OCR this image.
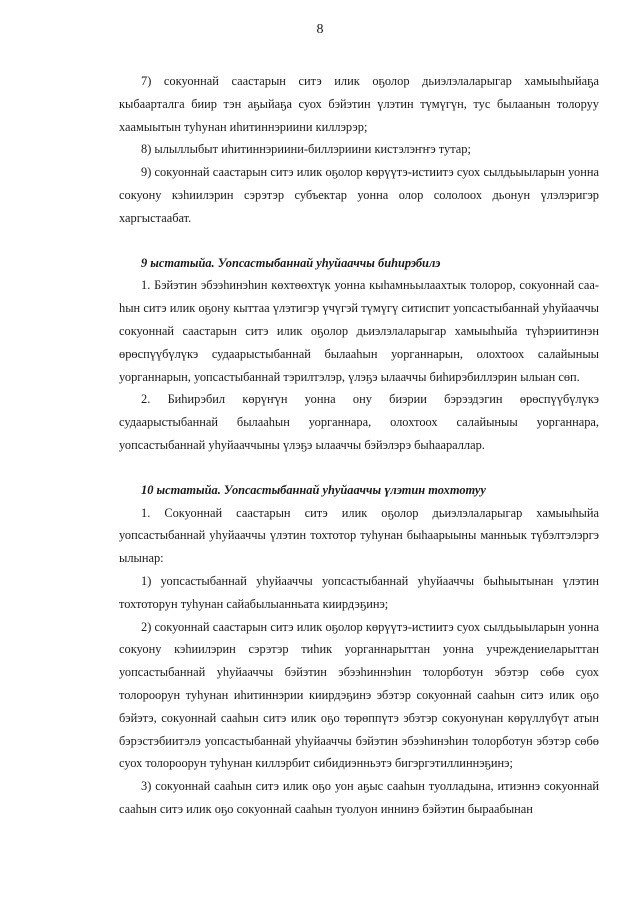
8

7) сокуоннай саастарын ситэ илик оҕолор дьиэлэлаларыгар хамыыһыйаҕа кыбаарталга биир тэн аҕыйаҕа суох бэйэтин үлэтин түмүгүн, тус былаанын толоруу хаамыытын туһунан иһитиннэриини киллэрэр;

8) ылыллыбыт иһитиннэриини-биллэриини кистэлэҥҥэ тутар;

9) сокуоннай саастарын ситэ илик оҕолор көрүүтэ-истиитэ суох сылдьыыларын уонна сокуону кэһиилэрин сэрэтэр субъектар уонна олор сололоох дьонун үлэлэригэр харгыстаабат.

9 ыстатыйа. Уопсастыбаннай уһуйааччы биһирэбилэ

1. Бэйэтин эбээһинэһин көхтөөхтүк уонна кыһамньылаахтык толорор, сокуоннай сааһын ситэ илик оҕону кыттаа үлэтигэр үчүгэй түмүгү ситиспит уопсастыбаннай уһуйааччы сокуоннай саастарын ситэ илик оҕолор дьиэлэлаларыгар хамыыһыйа түһэриитинэн өрөспүүбүлүкэ судаарыстыбаннай былааһын уорганнарын, олохтоох салайыныы уорганнарын, уопсастыбаннай тэрилтэлэр, үлэҕэ ылааччы биһирэбиллэрин ылыан сөп.

2. Биһирэбил көрүҥүн уонна ону биэрии бэрээдэгин өрөспүүбүлүкэ судаарыстыбаннай былааһын уорганнара, олохтоох салайыныы уорганнара, уопсастыбаннай уһуйааччыны үлэҕэ ылааччы бэйэлэрэ быһаараллар.

10 ыстатыйа. Уопсастыбаннай уһуйааччы үлэтин тохтотуу

1. Сокуоннай саастарын ситэ илик оҕолор дьиэлэлаларыгар хамыыһыйа уопсастыбаннай уһуйааччы үлэтин тохтотор туһунан быһаарыыны манньык түбэлтэлэргэ ылынар:

1) уопсастыбаннай уһуйааччы уопсастыбаннай уһуйааччы быһыытынан үлэтин тохтоторун туһунан сайабылыанньата киирдэҕинэ;

2) сокуоннай саастарын ситэ илик оҕолор көрүүтэ-истиитэ суох сылдьыыларын уонна сокуону кэһиилэрин сэрэтэр тиһик уорганнарыттан уонна учреждениеларыттан уопсастыбаннай уһуйааччы бэйэтин эбээһиннэһин толорботун эбэтэр сөбө суох толороорун туһунан иһитиннэрии киирдэҕинэ эбэтэр сокуоннай сааһын ситэ илик оҕо бэйэтэ, сокуоннай сааһын ситэ илик оҕо төрөппүтэ эбэтэр сокуонунан көрүллүбүт атын бэрэстэбиитэлэ уопсастыбаннай уһуйааччы бэйэтин эбээһинэһин толорботун эбэтэр сөбө суох толороорун туһунан киллэрбит сибидиэнньэтэ бигэргэтиллиннэҕинэ;

3) сокуоннай сааһын ситэ илик оҕо уон аҕыс сааһын туолладына, итиэннэ сокуоннай сааһын ситэ илик оҕо сокуоннай сааһын туолуон иннинэ бэйэтин быраабынан
